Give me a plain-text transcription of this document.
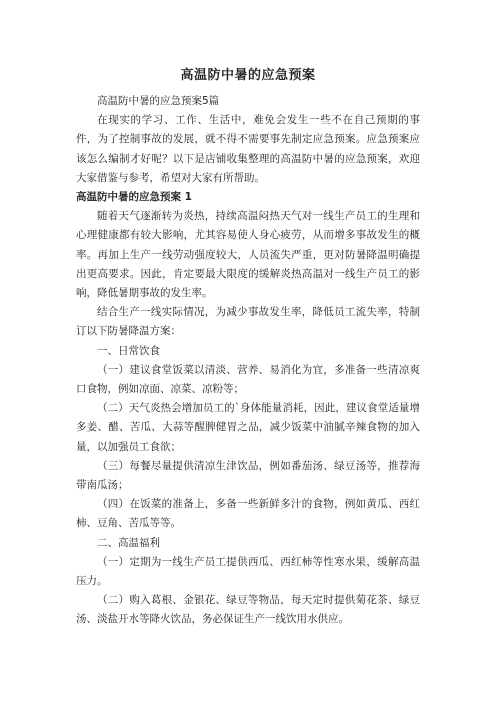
高温防中暑的应急预案

高温防中暑的应急预案5篇

在现实的学习、工作、生活中，难免会发生一些不在自己预期的事件，为了控制事故的发展，就不得不需要事先制定应急预案。应急预案应该怎么编制才好呢？以下是店铺收集整理的高温防中暑的应急预案，欢迎大家借鉴与参考，希望对大家有所帮助。

高温防中暑的应急预案 1

随着天气逐渐转为炎热，持续高温闷热天气对一线生产员工的生理和心理健康都有较大影响，尤其容易使人身心疲劳，从而增多事故发生的概率。再加上生产一线劳动强度较大，人员流失严重，更对防暑降温明确提出更高要求。因此，肯定要最大限度的缓解炎热高温对一线生产员工的影响，降低暑期事故的发生率。

结合生产一线实际情况，为减少事故发生率，降低员工流失率，特制订以下防暑降温方案：

一、日常饮食

（一）建议食堂饭菜以清淡、营养、易消化为宜，多准备一些清凉爽口食物，例如凉面、凉菜、凉粉等；

（二）天气炎热会增加员工的`身体能量消耗，因此，建议食堂适量增多姜、醋、苦瓜、大蒜等醒脾健胃之品，减少饭菜中油腻辛辣食物的加入量，以加强员工食欲；

（三）每餐尽量提供清凉生津饮品，例如番茄汤、绿豆汤等，推荐海带南瓜汤；

（四）在饭菜的准备上，多备一些新鲜多汁的食物，例如黄瓜、西红柿、豆角、苦瓜等等。

二、高温福利

（一）定期为一线生产员工提供西瓜、西红柿等性寒水果，缓解高温压力。

（二）购入葛根、金银花、绿豆等物品，每天定时提供菊花茶、绿豆汤、淡盐开水等降火饮品，务必保证生产一线饮用水供应。
